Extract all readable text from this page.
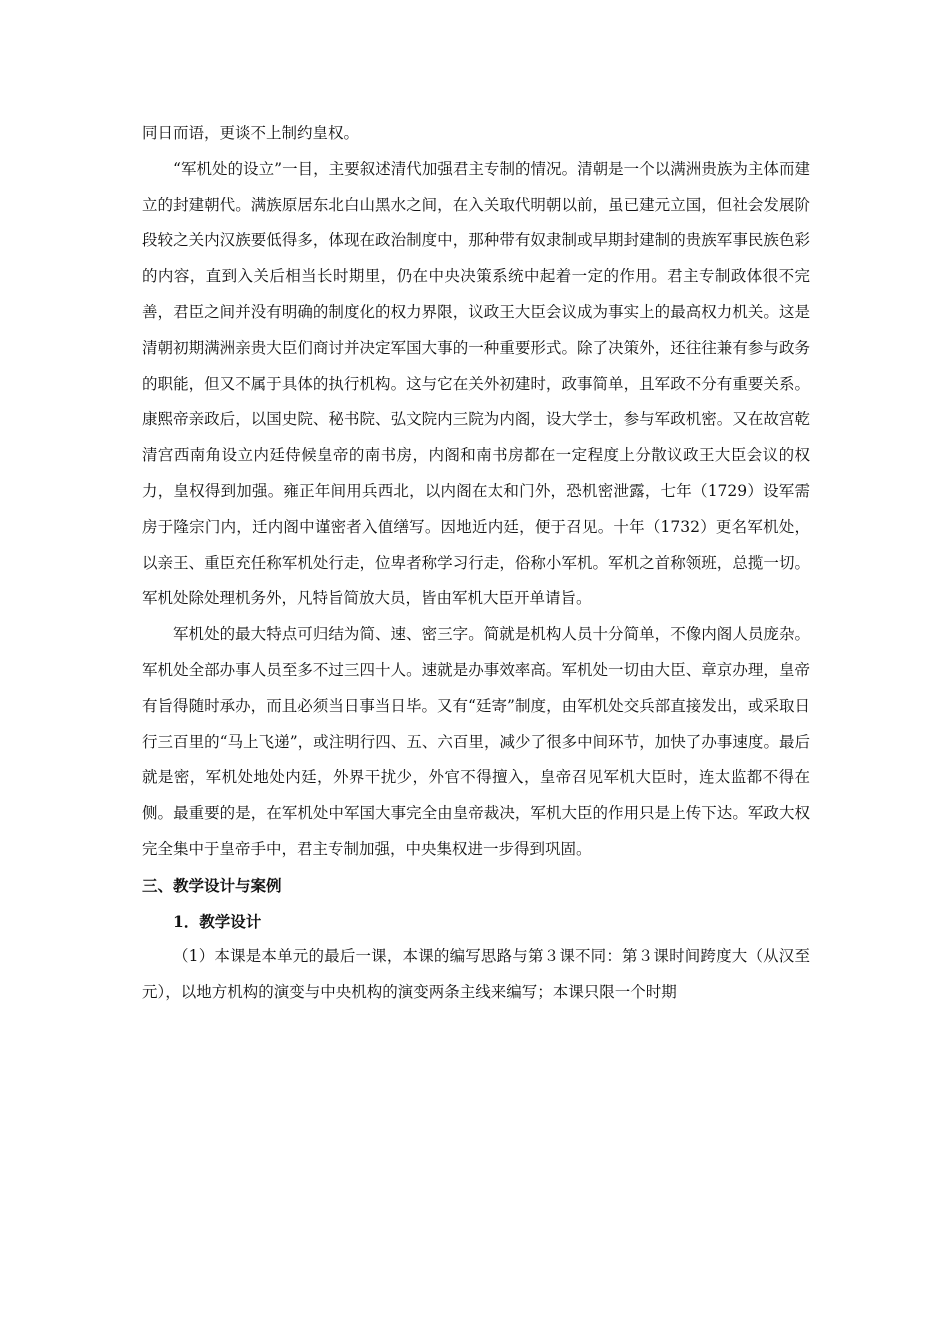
同日而语，更谈不上制约皇权。

“军机处的设立”一目，主要叙述清代加强君主专制的情况。清朝是一个以满洲贵族为主体而建立的封建朝代。满族原居东北白山黑水之间，在入关取代明朝以前，虽已建元立国，但社会发展阶段较之关内汉族要低得多，体现在政治制度中，那种带有奴隶制或早期封建制的贵族军事民族色彩的内容，直到入关后相当长时期里，仍在中央决策系统中起着一定的作用。君主专制政体很不完善，君臣之间并没有明确的制度化的权力界限，议政王大臣会议成为事实上的最高权力机关。这是清朝初期满洲亲贵大臣们商讨并决定军国大事的一种重要形式。除了决策外，还往往兼有参与政务的职能，但又不属于具体的执行机构。这与它在关外初建时，政事简单，且军政不分有重要关系。康熙帝亲政后，以国史院、秘书院、弘文院内三院为内阁，设大学士，参与军政机密。又在故宫乾清宫西南角设立内廷侍候皇帝的南书房，内阁和南书房都在一定程度上分散议政王大臣会议的权力，皇权得到加强。雍正年间用兵西北，以内阁在太和门外，恐机密泄露，七年（1729）设军需房于隆宗门内，迁内阁中谨密者入值缮写。因地近内廷，便于召见。十年（1732）更名军机处，以亲王、重臣充任称军机处行走，位卑者称学习行走，俗称小军机。军机之首称领班，总揽一切。军机处除处理机务外，凡特旨简放大员，皆由军机大臣开单请旨。

军机处的最大特点可归结为简、速、密三字。简就是机构人员十分简单，不像内阁人员庞杂。军机处全部办事人员至多不过三四十人。速就是办事效率高。军机处一切由大臣、章京办理，皇帝有旨得随时承办，而且必须当日事当日毕。又有“廷寄”制度，由军机处交兵部直接发出，或采取日行三百里的“马上飞递”，或注明行四、五、六百里，减少了很多中间环节，加快了办事速度。最后就是密，军机处地处内廷，外界干扰少，外官不得擅入，皇帝召见军机大臣时，连太监都不得在侧。最重要的是，在军机处中军国大事完全由皇帝裁决，军机大臣的作用只是上传下达。军政大权完全集中于皇帝手中，君主专制加强，中央集权进一步得到巩固。

三、教学设计与案例

1．教学设计

（1）本课是本单元的最后一课，本课的编写思路与第３课不同：第３课时间跨度大（从汉至元），以地方机构的演变与中央机构的演变两条主线来编写；本课只限一个时期
